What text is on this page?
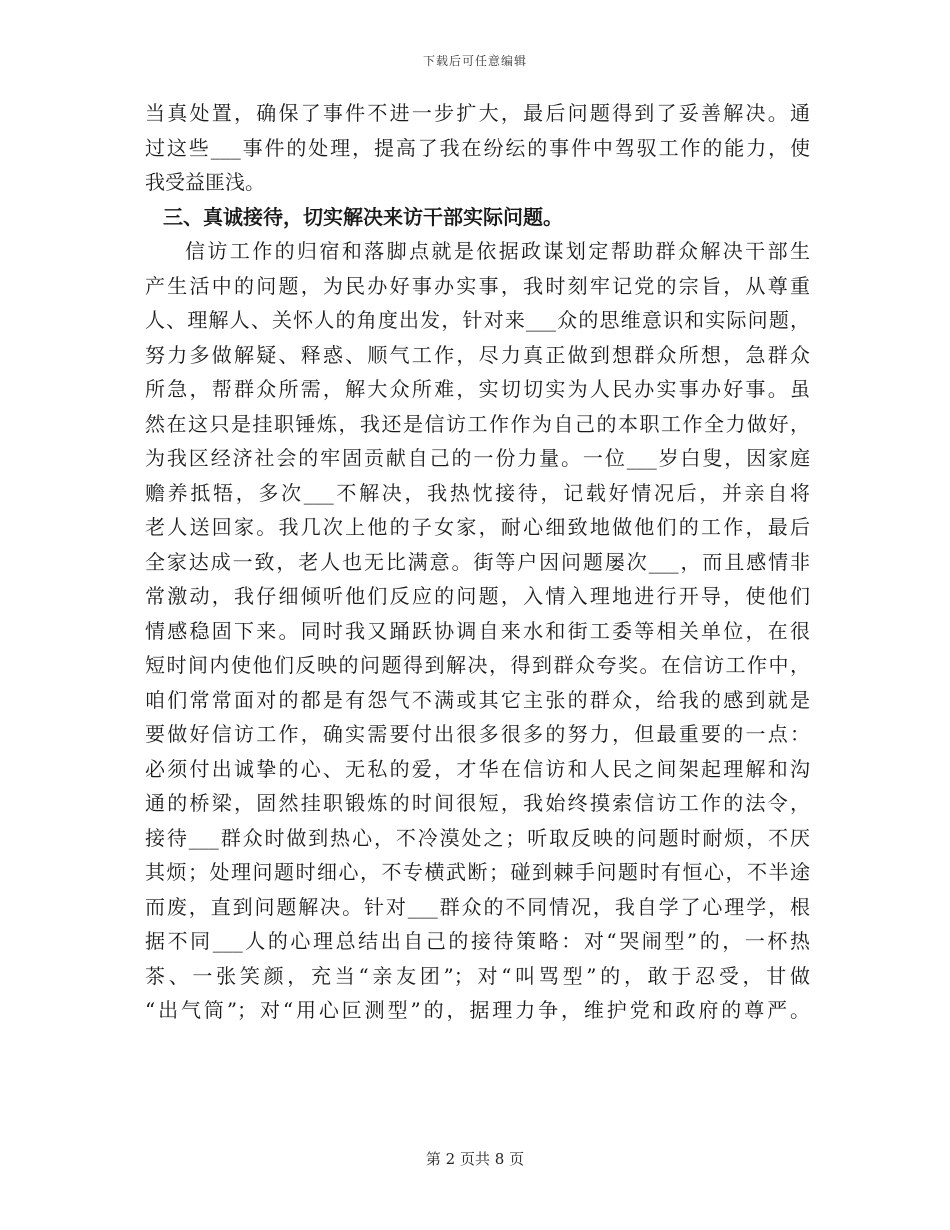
下载后可任意编辑
当真处置，确保了事件不进一步扩大，最后问题得到了妥善解决。通
过这些___事件的处理，提高了我在纷纭的事件中驾驭工作的能力，使
我受益匪浅。
三、真诚接待，切实解决来访干部实际问题。
信访工作的归宿和落脚点就是依据政谋划定帮助群众解决干部生
产生活中的问题，为民办好事办实事，我时刻牢记党的宗旨，从尊重
人、理解人、关怀人的角度出发，针对来___众的思维意识和实际问题，
努力多做解疑、释惑、顺气工作，尽力真正做到想群众所想，急群众
所急，帮群众所需，解大众所难，实切切实为人民办实事办好事。虽
然在这只是挂职锤炼，我还是信访工作作为自己的本职工作全力做好，
为我区经济社会的牢固贡献自己的一份力量。一位___岁白叟，因家庭
赡养抵牾，多次___不解决，我热忱接待，记载好情况后，并亲自将
老人送回家。我几次上他的子女家，耐心细致地做他们的工作，最后
全家达成一致，老人也无比满意。街等户因问题屡次___，而且感情非
常激动，我仔细倾听他们反应的问题，入情入理地进行开导，使他们
情感稳固下来。同时我又踊跃协调自来水和街工委等相关单位，在很
短时间内使他们反映的问题得到解决，得到群众夸奖。在信访工作中，
咱们常常面对的都是有怨气不满或其它主张的群众，给我的感到就是
要做好信访工作，确实需要付出很多很多的努力，但最重要的一点：
必须付出诚挚的心、无私的爱，才华在信访和人民之间架起理解和沟
通的桥梁，固然挂职锻炼的时间很短，我始终摸索信访工作的法令，
接待___群众时做到热心，不冷漠处之；听取反映的问题时耐烦，不厌
其烦；处理问题时细心，不专横武断；碰到棘手问题时有恒心，不半途
而废，直到问题解决。针对___群众的不同情况，我自学了心理学，根
据不同___人的心理总结出自己的接待策略：对“哭闹型”的，一杯热
茶、一张笑颜，充当“亲友团”；对“叫骂型”的，敢于忍受，甘做
“出气筒”；对“用心叵测型”的，据理力争，维护党和政府的尊严。
第 2 页共 8 页
